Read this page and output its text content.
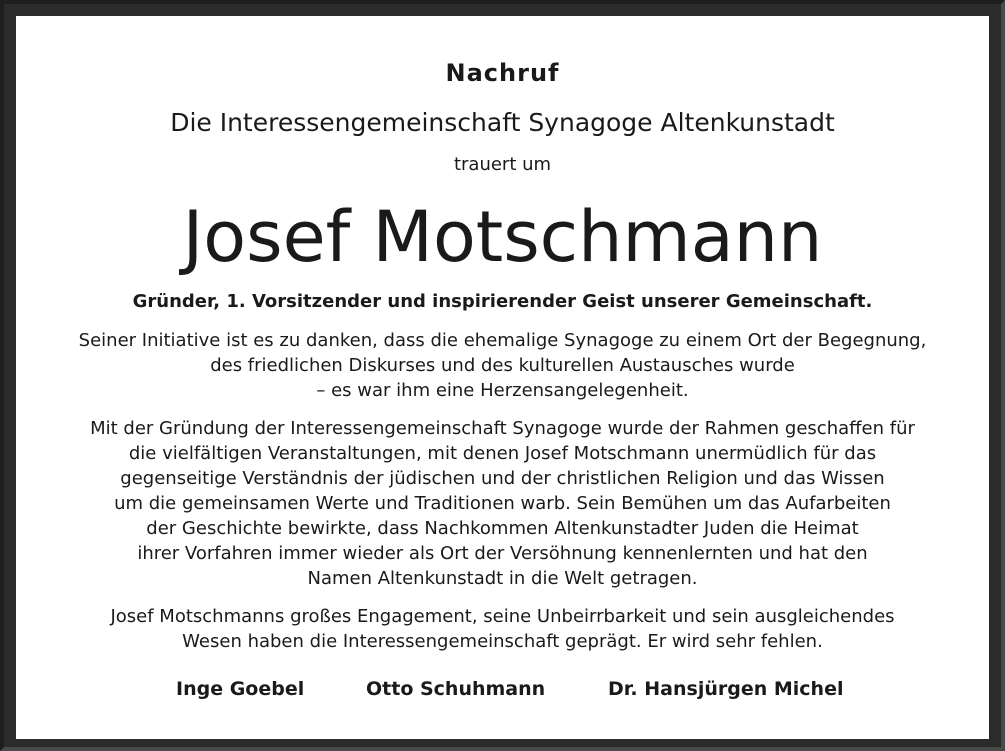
Nachruf
Die Interessengemeinschaft Synagoge Altenkunstadt
trauert um
Josef Motschmann
Gründer, 1. Vorsitzender und inspirierender Geist unserer Gemeinschaft.
Seiner Initiative ist es zu danken, dass die ehemalige Synagoge zu einem Ort der Begegnung,
des friedlichen Diskurses und des kulturellen Austausches wurde
– es war ihm eine Herzensangelegenheit.
Mit der Gründung der Interessengemeinschaft Synagoge wurde der Rahmen geschaffen für
die vielfältigen Veranstaltungen, mit denen Josef Motschmann unermüdlich für das
gegenseitige Verständnis der jüdischen und der christlichen Religion und das Wissen
um die gemeinsamen Werte und Traditionen warb. Sein Bemühen um das Aufarbeiten
der Geschichte bewirkte, dass Nachkommen Altenkunstadter Juden die Heimat
ihrer Vorfahren immer wieder als Ort der Versöhnung kennenlernten und hat den
Namen Altenkunstadt in die Welt getragen.
Josef Motschmanns großes Engagement, seine Unbeirrbarkeit und sein ausgleichendes
Wesen haben die Interessengemeinschaft geprägt. Er wird sehr fehlen.
Inge Goebel	Otto Schuhmann	Dr. Hansjürgen Michel
